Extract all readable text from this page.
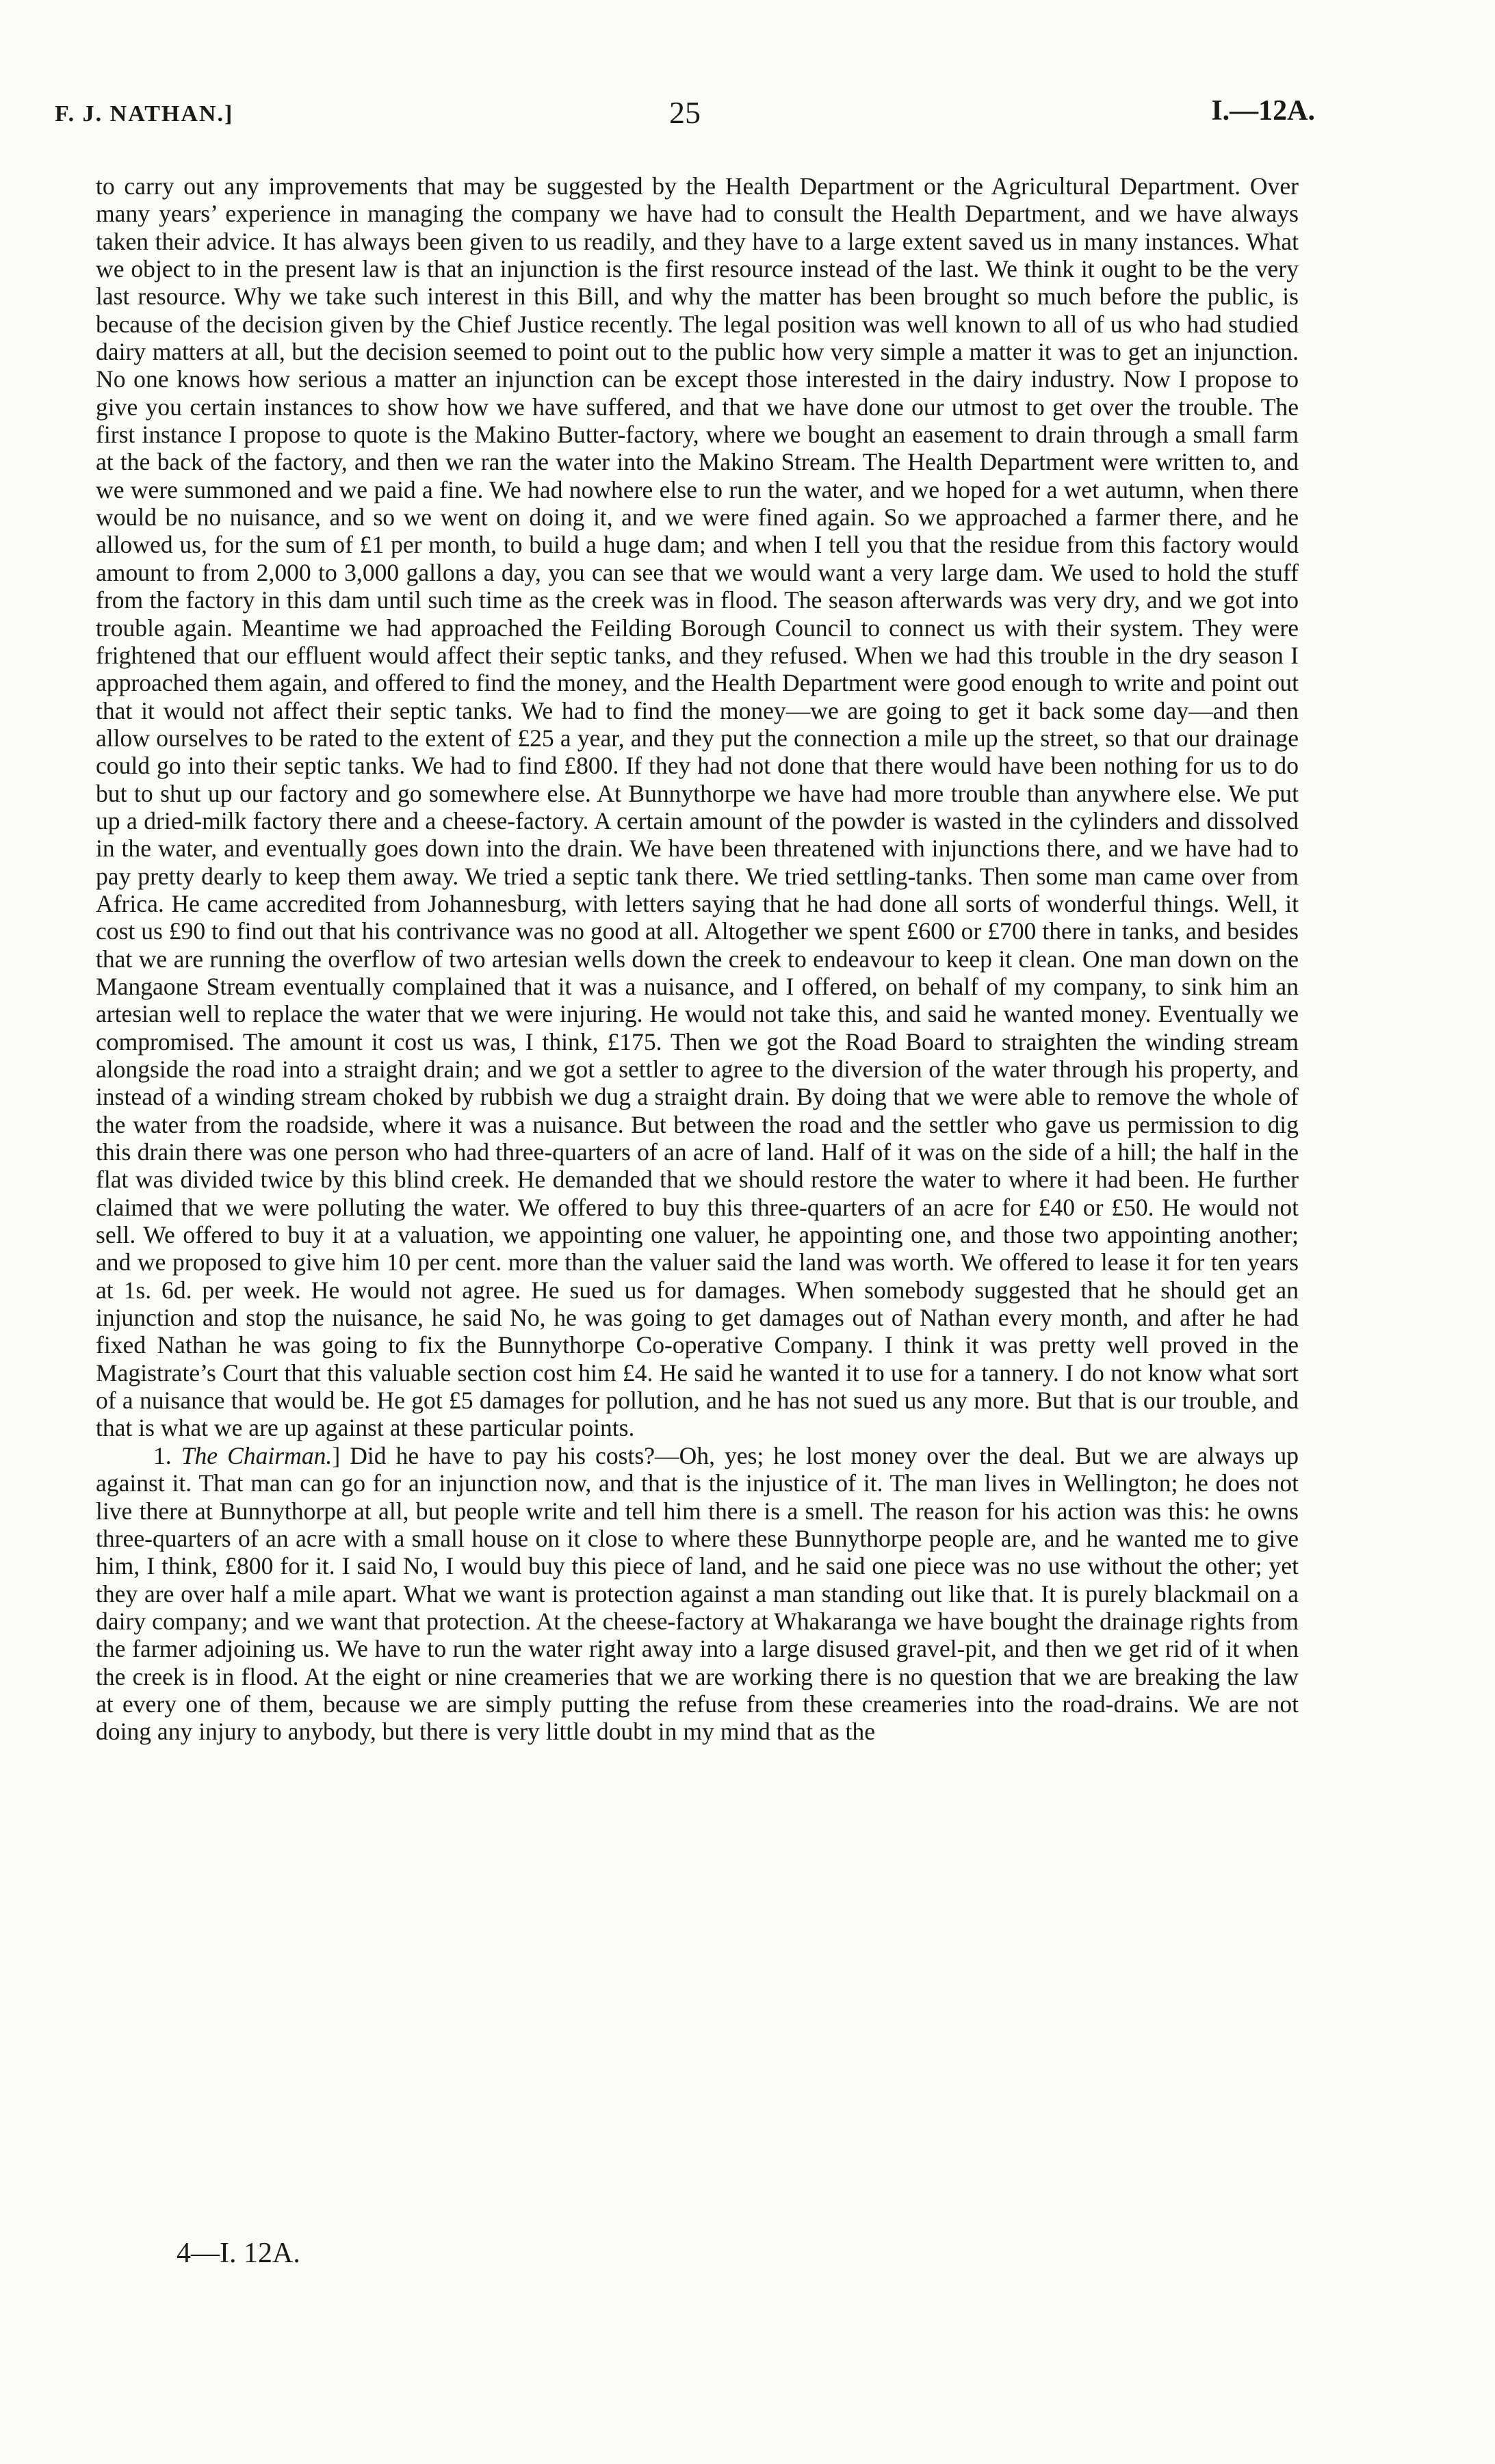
F. J. NATHAN.]	25	I.—12A.

to carry out any improvements that may be suggested by the Health Department or the Agricultural Department. Over many years’ experience in managing the company we have had to consult the Health Department, and we have always taken their advice. It has always been given to us readily, and they have to a large extent saved us in many instances. What we object to in the present law is that an injunction is the first resource instead of the last. We think it ought to be the very last resource. Why we take such interest in this Bill, and why the matter has been brought so much before the public, is because of the decision given by the Chief Justice recently. The legal position was well known to all of us who had studied dairy matters at all, but the decision seemed to point out to the public how very simple a matter it was to get an injunction. No one knows how serious a matter an injunction can be except those interested in the dairy industry. Now I propose to give you certain instances to show how we have suffered, and that we have done our utmost to get over the trouble. The first instance I propose to quote is the Makino Butter-factory, where we bought an easement to drain through a small farm at the back of the factory, and then we ran the water into the Makino Stream. The Health Department were written to, and we were summoned and we paid a fine. We had nowhere else to run the water, and we hoped for a wet autumn, when there would be no nuisance, and so we went on doing it, and we were fined again. So we approached a farmer there, and he allowed us, for the sum of £1 per month, to build a huge dam; and when I tell you that the residue from this factory would amount to from 2,000 to 3,000 gallons a day, you can see that we would want a very large dam. We used to hold the stuff from the factory in this dam until such time as the creek was in flood. The season afterwards was very dry, and we got into trouble again. Meantime we had approached the Feilding Borough Council to connect us with their system. They were frightened that our effluent would affect their septic tanks, and they refused. When we had this trouble in the dry season I approached them again, and offered to find the money, and the Health Department were good enough to write and point out that it would not affect their septic tanks. We had to find the money—we are going to get it back some day—and then allow ourselves to be rated to the extent of £25 a year, and they put the connection a mile up the street, so that our drainage could go into their septic tanks. We had to find £800. If they had not done that there would have been nothing for us to do but to shut up our factory and go somewhere else. At Bunnythorpe we have had more trouble than anywhere else. We put up a dried-milk factory there and a cheese-factory. A certain amount of the powder is wasted in the cylinders and dissolved in the water, and eventually goes down into the drain. We have been threatened with injunctions there, and we have had to pay pretty dearly to keep them away. We tried a septic tank there. We tried settling-tanks. Then some man came over from Africa. He came accredited from Johannesburg, with letters saying that he had done all sorts of wonderful things. Well, it cost us £90 to find out that his contrivance was no good at all. Altogether we spent £600 or £700 there in tanks, and besides that we are running the overflow of two artesian wells down the creek to endeavour to keep it clean. One man down on the Mangaone Stream eventually complained that it was a nuisance, and I offered, on behalf of my company, to sink him an artesian well to replace the water that we were injuring. He would not take this, and said he wanted money. Eventually we compromised. The amount it cost us was, I think, £175. Then we got the Road Board to straighten the winding stream alongside the road into a straight drain; and we got a settler to agree to the diversion of the water through his property, and instead of a winding stream choked by rubbish we dug a straight drain. By doing that we were able to remove the whole of the water from the roadside, where it was a nuisance. But between the road and the settler who gave us permission to dig this drain there was one person who had three-quarters of an acre of land. Half of it was on the side of a hill; the half in the flat was divided twice by this blind creek. He demanded that we should restore the water to where it had been. He further claimed that we were polluting the water. We offered to buy this three-quarters of an acre for £40 or £50. He would not sell. We offered to buy it at a valuation, we appointing one valuer, he appointing one, and those two appointing another; and we proposed to give him 10 per cent. more than the valuer said the land was worth. We offered to lease it for ten years at 1s. 6d. per week. He would not agree. He sued us for damages. When somebody suggested that he should get an injunction and stop the nuisance, he said No, he was going to get damages out of Nathan every month, and after he had fixed Nathan he was going to fix the Bunnythorpe Co-operative Company. I think it was pretty well proved in the Magistrate’s Court that this valuable section cost him £4. He said he wanted it to use for a tannery. I do not know what sort of a nuisance that would be. He got £5 damages for pollution, and he has not sued us any more. But that is our trouble, and that is what we are up against at these particular points.

1. The Chairman.] Did he have to pay his costs?—Oh, yes; he lost money over the deal. But we are always up against it. That man can go for an injunction now, and that is the injustice of it. The man lives in Wellington; he does not live there at Bunnythorpe at all, but people write and tell him there is a smell. The reason for his action was this: he owns three-quarters of an acre with a small house on it close to where these Bunnythorpe people are, and he wanted me to give him, I think, £800 for it. I said No, I would buy this piece of land, and he said one piece was no use without the other; yet they are over half a mile apart. What we want is protection against a man standing out like that. It is purely blackmail on a dairy company; and we want that protection. At the cheese-factory at Whakaranga we have bought the drainage rights from the farmer adjoining us. We have to run the water right away into a large disused gravel-pit, and then we get rid of it when the creek is in flood. At the eight or nine creameries that we are working there is no question that we are breaking the law at every one of them, because we are simply putting the refuse from these creameries into the road-drains. We are not doing any injury to anybody, but there is very little doubt in my mind that as the

4—I. 12A.
